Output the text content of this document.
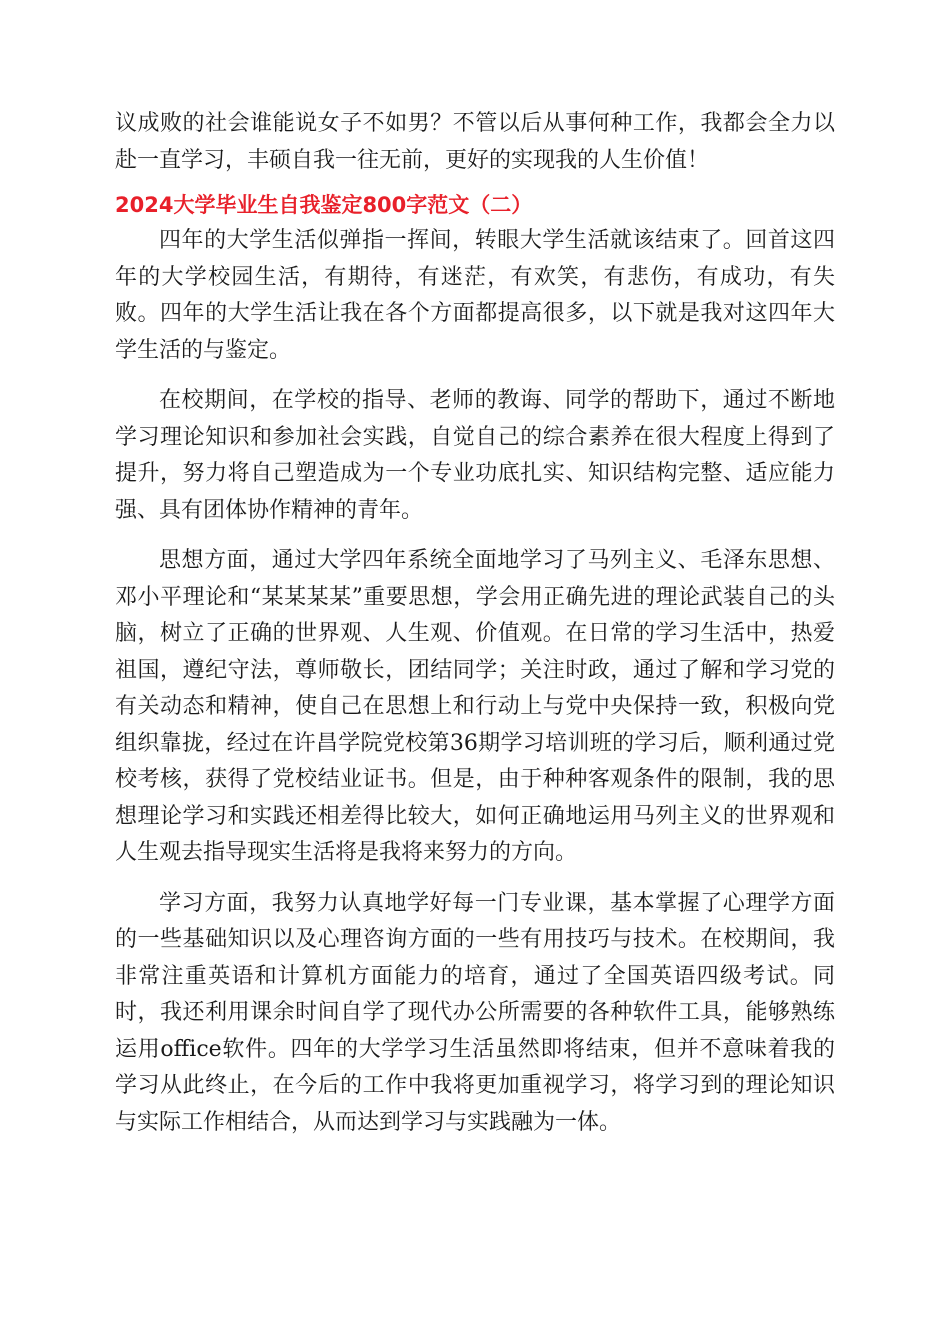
议成败的社会谁能说女子不如男？不管以后从事何种工作，我都会全力以赴一直学习，丰硕自我一往无前，更好的实现我的人生价值！

2024大学毕业生自我鉴定800字范文（二）

四年的大学生活似弹指一挥间，转眼大学生活就该结束了。回首这四年的大学校园生活，有期待，有迷茫，有欢笑，有悲伤，有成功，有失败。四年的大学生活让我在各个方面都提高很多，以下就是我对这四年大学生活的与鉴定。

在校期间，在学校的指导、老师的教诲、同学的帮助下，通过不断地学习理论知识和参加社会实践，自觉自己的综合素养在很大程度上得到了提升，努力将自己塑造成为一个专业功底扎实、知识结构完整、适应能力强、具有团体协作精神的青年。

思想方面，通过大学四年系统全面地学习了马列主义、毛泽东思想、邓小平理论和“某某某某”重要思想，学会用正确先进的理论武装自己的头脑，树立了正确的世界观、人生观、价值观。在日常的学习生活中，热爱祖国，遵纪守法，尊师敬长，团结同学；关注时政，通过了解和学习党的有关动态和精神，使自己在思想上和行动上与党中央保持一致，积极向党组织靠拢，经过在许昌学院党校第36期学习培训班的学习后，顺利通过党校考核，获得了党校结业证书。但是，由于种种客观条件的限制，我的思想理论学习和实践还相差得比较大，如何正确地运用马列主义的世界观和人生观去指导现实生活将是我将来努力的方向。

学习方面，我努力认真地学好每一门专业课，基本掌握了心理学方面的一些基础知识以及心理咨询方面的一些有用技巧与技术。在校期间，我非常注重英语和计算机方面能力的培育，通过了全国英语四级考试。同时，我还利用课余时间自学了现代办公所需要的各种软件工具，能够熟练运用office软件。四年的大学学习生活虽然即将结束，但并不意味着我的学习从此终止，在今后的工作中我将更加重视学习，将学习到的理论知识与实际工作相结合，从而达到学习与实践融为一体。
